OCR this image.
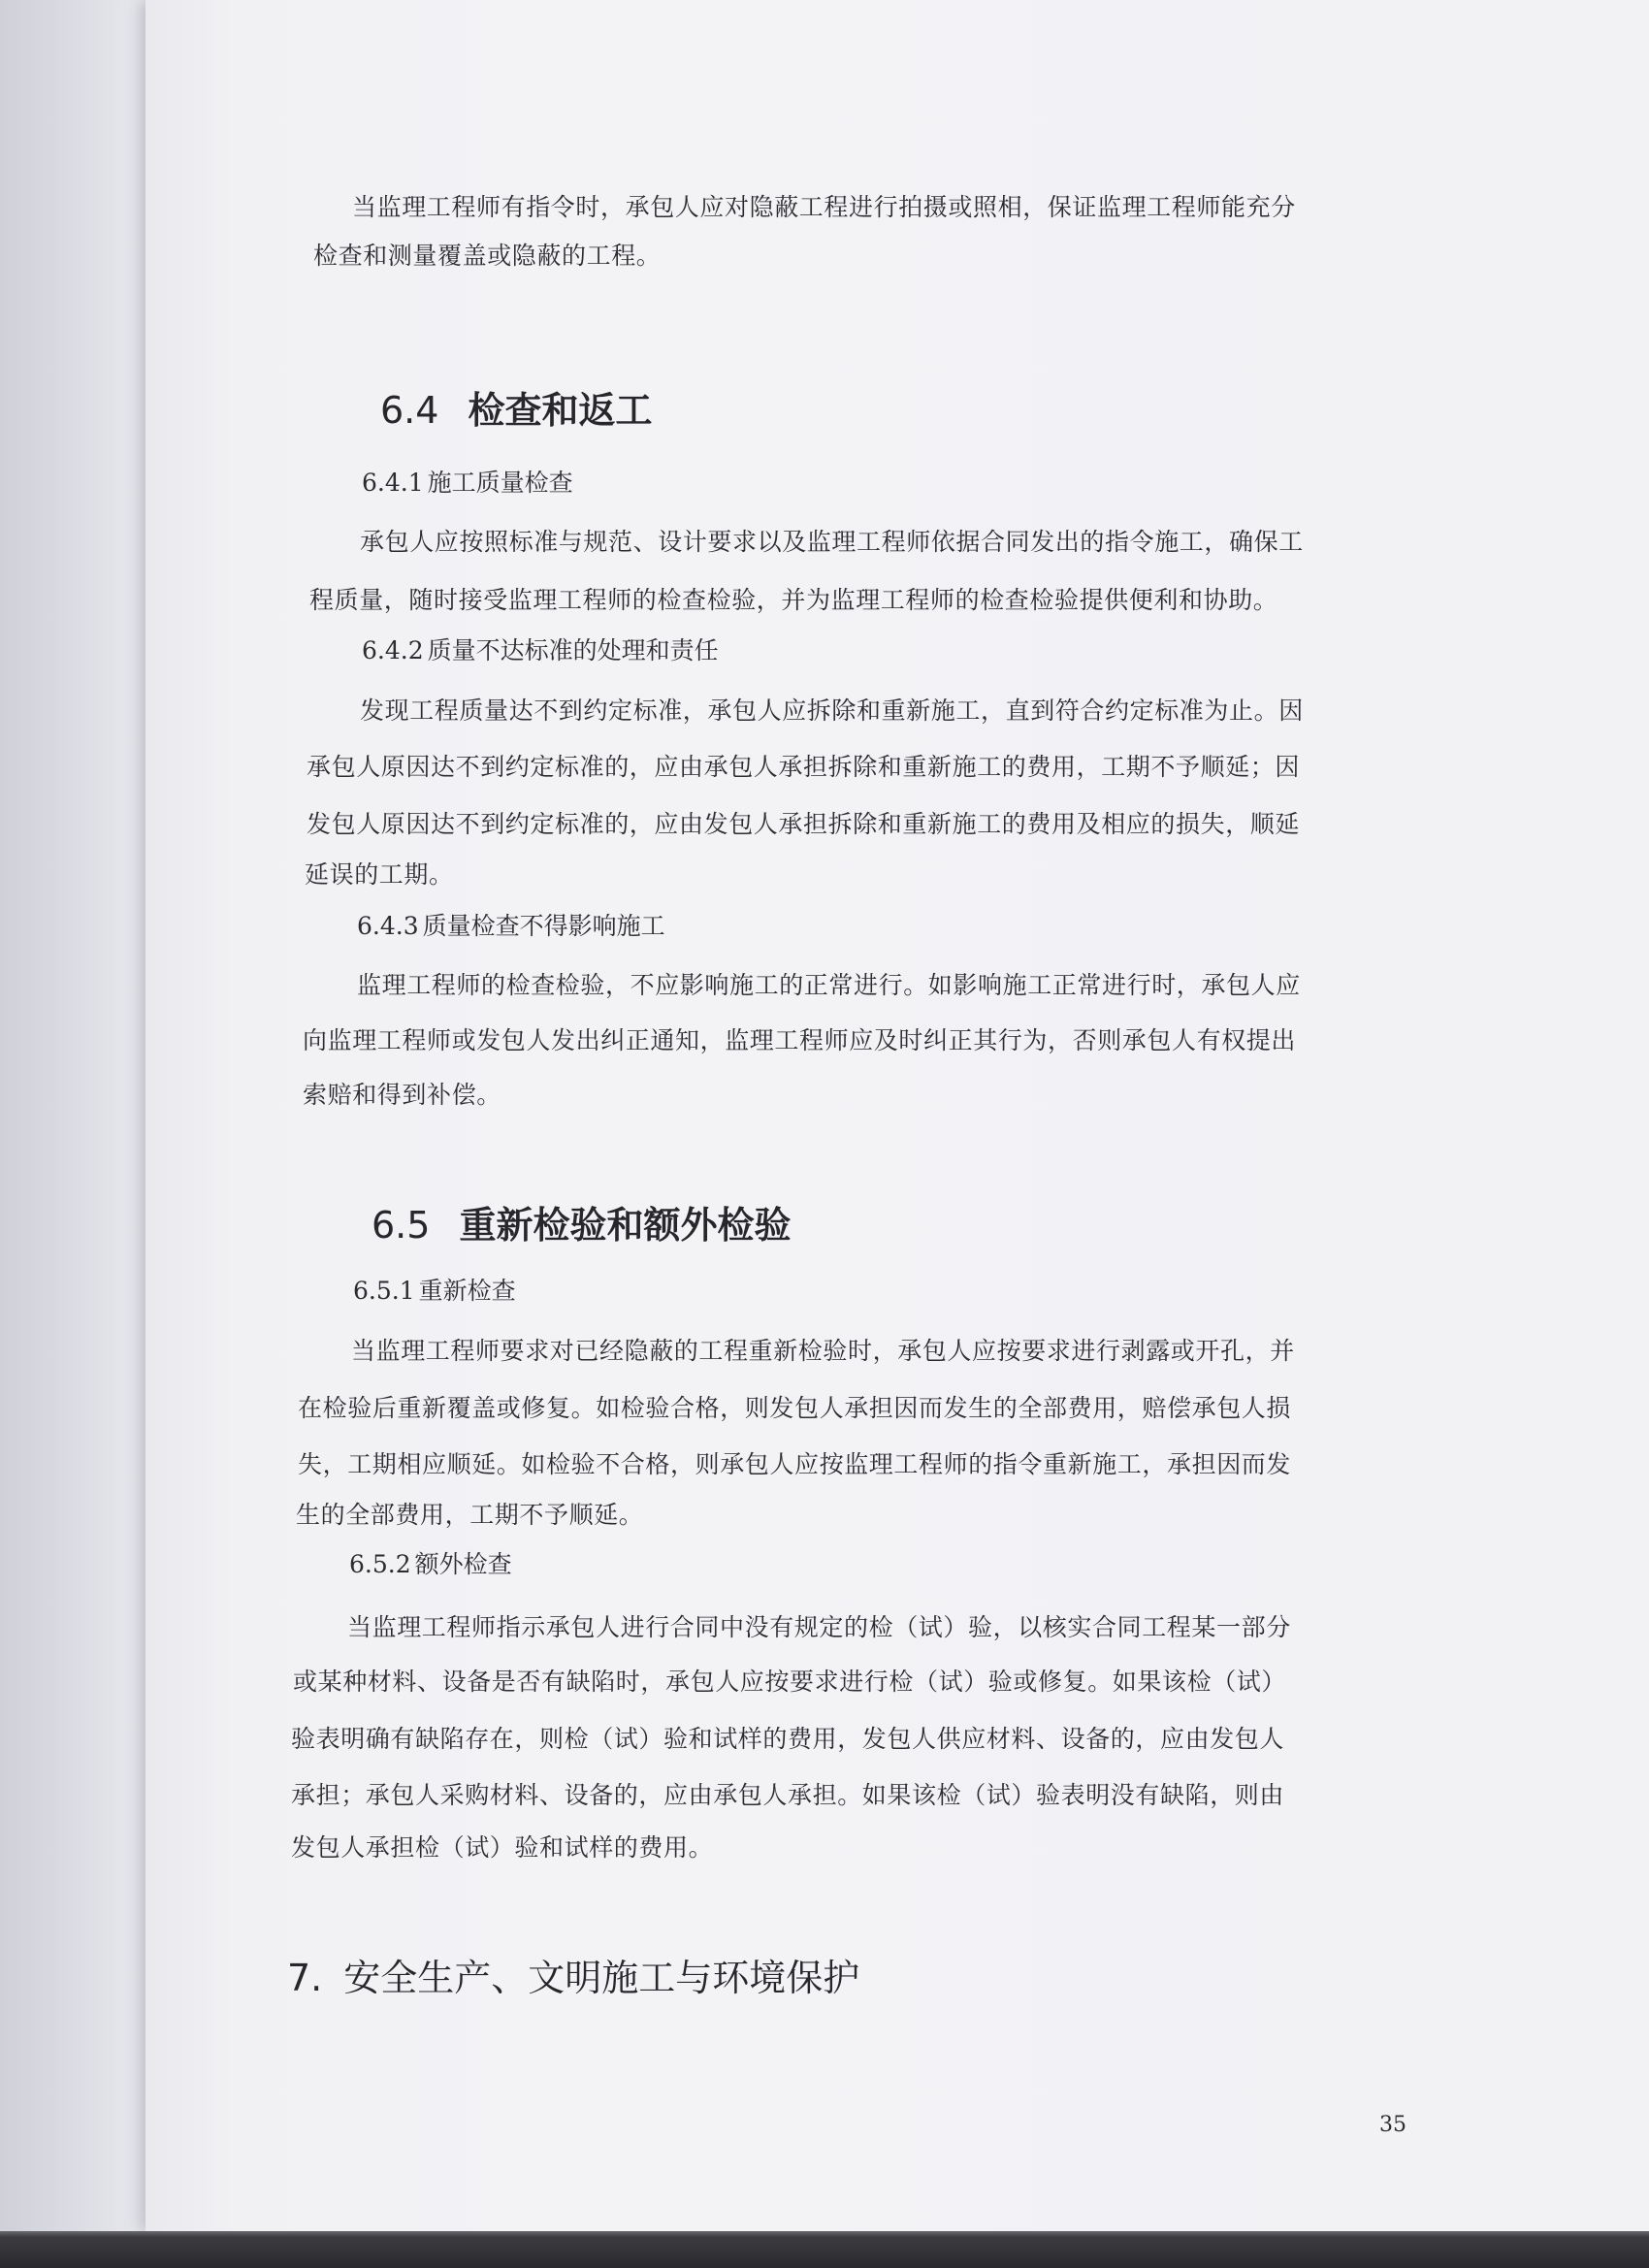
当监理工程师有指令时，承包人应对隐蔽工程进行拍摄或照相，保证监理工程师能充分
检查和测量覆盖或隐蔽的工程。
6.4 检查和返工
6.4.1 施工质量检查
承包人应按照标准与规范、设计要求以及监理工程师依据合同发出的指令施工，确保工
程质量，随时接受监理工程师的检查检验，并为监理工程师的检查检验提供便利和协助。
6.4.2 质量不达标准的处理和责任
发现工程质量达不到约定标准，承包人应拆除和重新施工，直到符合约定标准为止。因
承包人原因达不到约定标准的，应由承包人承担拆除和重新施工的费用，工期不予顺延；因
发包人原因达不到约定标准的，应由发包人承担拆除和重新施工的费用及相应的损失，顺延
延误的工期。
6.4.3 质量检查不得影响施工
监理工程师的检查检验，不应影响施工的正常进行。如影响施工正常进行时，承包人应
向监理工程师或发包人发出纠正通知，监理工程师应及时纠正其行为，否则承包人有权提出
索赔和得到补偿。
6.5 重新检验和额外检验
6.5.1 重新检查
当监理工程师要求对已经隐蔽的工程重新检验时，承包人应按要求进行剥露或开孔，并
在检验后重新覆盖或修复。如检验合格，则发包人承担因而发生的全部费用，赔偿承包人损
失，工期相应顺延。如检验不合格，则承包人应按监理工程师的指令重新施工，承担因而发
生的全部费用，工期不予顺延。
6.5.2 额外检查
当监理工程师指示承包人进行合同中没有规定的检（试）验，以核实合同工程某一部分
或某种材料、设备是否有缺陷时，承包人应按要求进行检（试）验或修复。如果该检（试）
验表明确有缺陷存在，则检（试）验和试样的费用，发包人供应材料、设备的，应由发包人
承担；承包人采购材料、设备的，应由承包人承担。如果该检（试）验表明没有缺陷，则由
发包人承担检（试）验和试样的费用。
7. 安全生产、文明施工与环境保护
35
